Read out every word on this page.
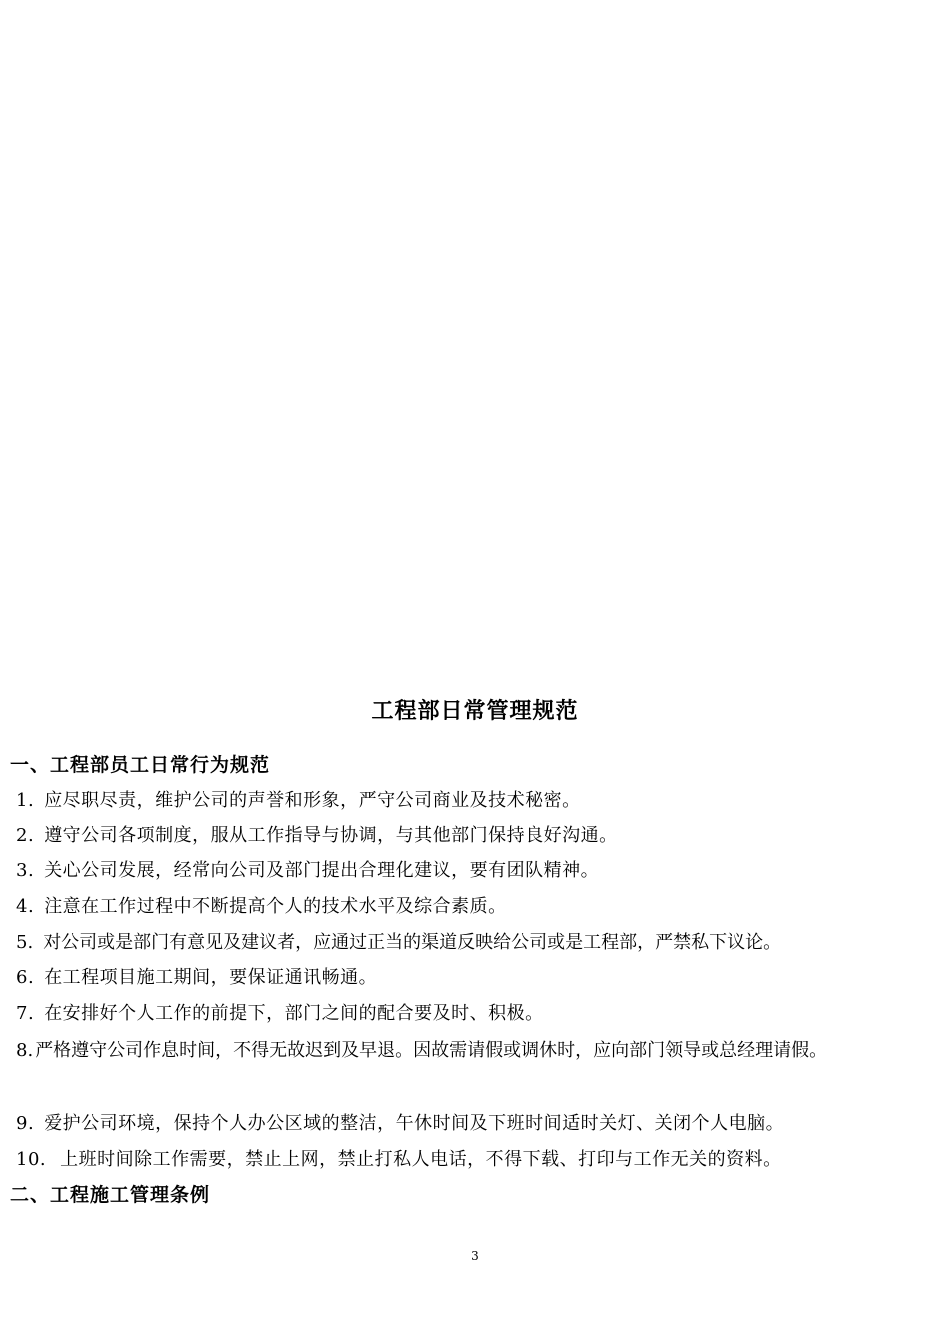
工程部日常管理规范
一、工程部员工日常行为规范
1. 应尽职尽责，维护公司的声誉和形象，严守公司商业及技术秘密。
2. 遵守公司各项制度，服从工作指导与协调，与其他部门保持良好沟通。
3. 关心公司发展，经常向公司及部门提出合理化建议，要有团队精神。
4. 注意在工作过程中不断提高个人的技术水平及综合素质。
5. 对公司或是部门有意见及建议者，应通过正当的渠道反映给公司或是工程部，严禁私下议论。
6. 在工程项目施工期间，要保证通讯畅通。
7. 在安排好个人工作的前提下，部门之间的配合要及时、积极。
8. 严格遵守公司作息时间，不得无故迟到及早退。因故需请假或调休时，应向部门领导或总经理请假。
9. 爱护公司环境，保持个人办公区域的整洁，午休时间及下班时间适时关灯、关闭个人电脑。
10. 上班时间除工作需要，禁止上网，禁止打私人电话，不得下载、打印与工作无关的资料。
二、工程施工管理条例
3
